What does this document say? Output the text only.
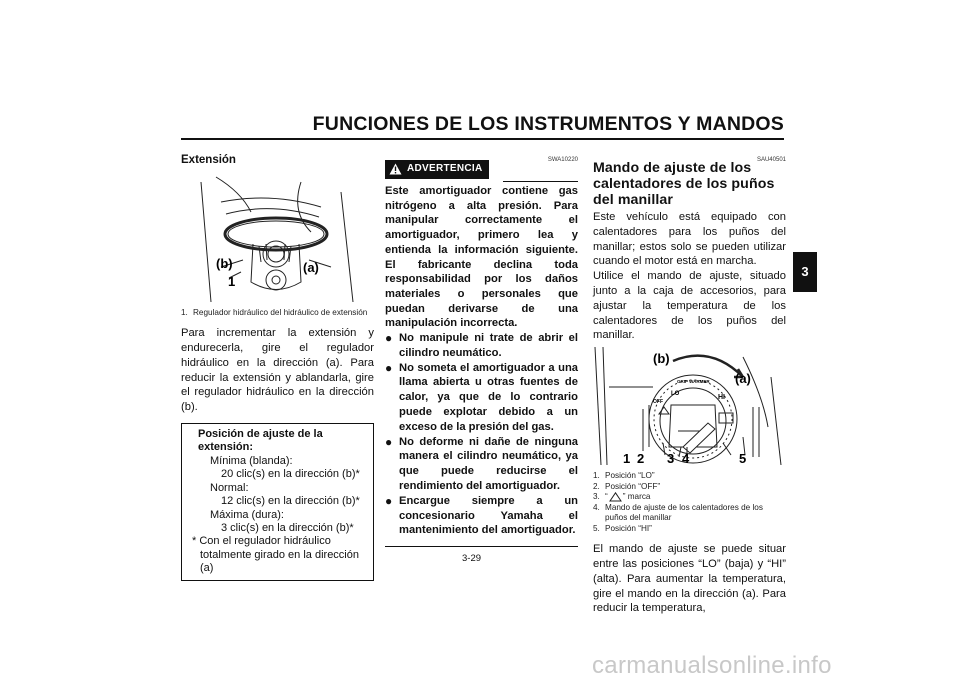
FUNCIONES DE LOS INSTRUMENTOS Y MANDOS
3
Extensión
(b)	(a)
1
1. Regulador hidráulico del hidráulico de extensión
Para incrementar la extensión y endurecerla, gire el regulador hidráulico en la dirección (a). Para reducir la extensión y ablandarla, gire el regulador hidráulico en la dirección (b).
Posición de ajuste de la extensión:
Mínima (blanda):
20 clic(s) en la dirección (b)*
Normal:
12 clic(s) en la dirección (b)*
Máxima (dura):
3 clic(s) en la dirección (b)*
* Con el regulador hidráulico totalmente girado en la dirección (a)
SWA10220
ADVERTENCIA
Este amortiguador contiene gas nitrógeno a alta presión. Para manipular correctamente el amortiguador, primero lea y entienda la información siguiente. El fabricante declina toda responsabilidad por los daños materiales o personales que puedan derivarse de una manipulación incorrecta.
● No manipule ni trate de abrir el cilindro neumático.
● No someta el amortiguador a una llama abierta u otras fuentes de calor, ya que de lo contrario puede explotar debido a un exceso de la presión del gas.
● No deforme ni dañe de ninguna manera el cilindro neumático, ya que puede reducirse el rendimiento del amortiguador.
● Encargue siempre a un concesionario Yamaha el mantenimiento del amortiguador.
SAU40501
Mando de ajuste de los calentadores de los puños del manillar
Este vehículo está equipado con calentadores para los puños del manillar; estos solo se pueden utilizar cuando el motor está en marcha.
Utilice el mando de ajuste, situado junto a la caja de accesorios, para ajustar la temperatura de los calentadores de los puños del manillar.
(b)
(a)
GRIP WARMER
LO	HI
OFF
1 2 3 4	5
1. Posición “LO”
2. Posición “OFF”
3. “ ” marca
4. Mando de ajuste de los calentadores de los puños del manillar
5. Posición “HI”
El mando de ajuste se puede situar entre las posiciones “LO” (baja) y “HI” (alta). Para aumentar la temperatura, gire el mando en la dirección (a). Para reducir la temperatura,
3-29
carmanualsonline.info
